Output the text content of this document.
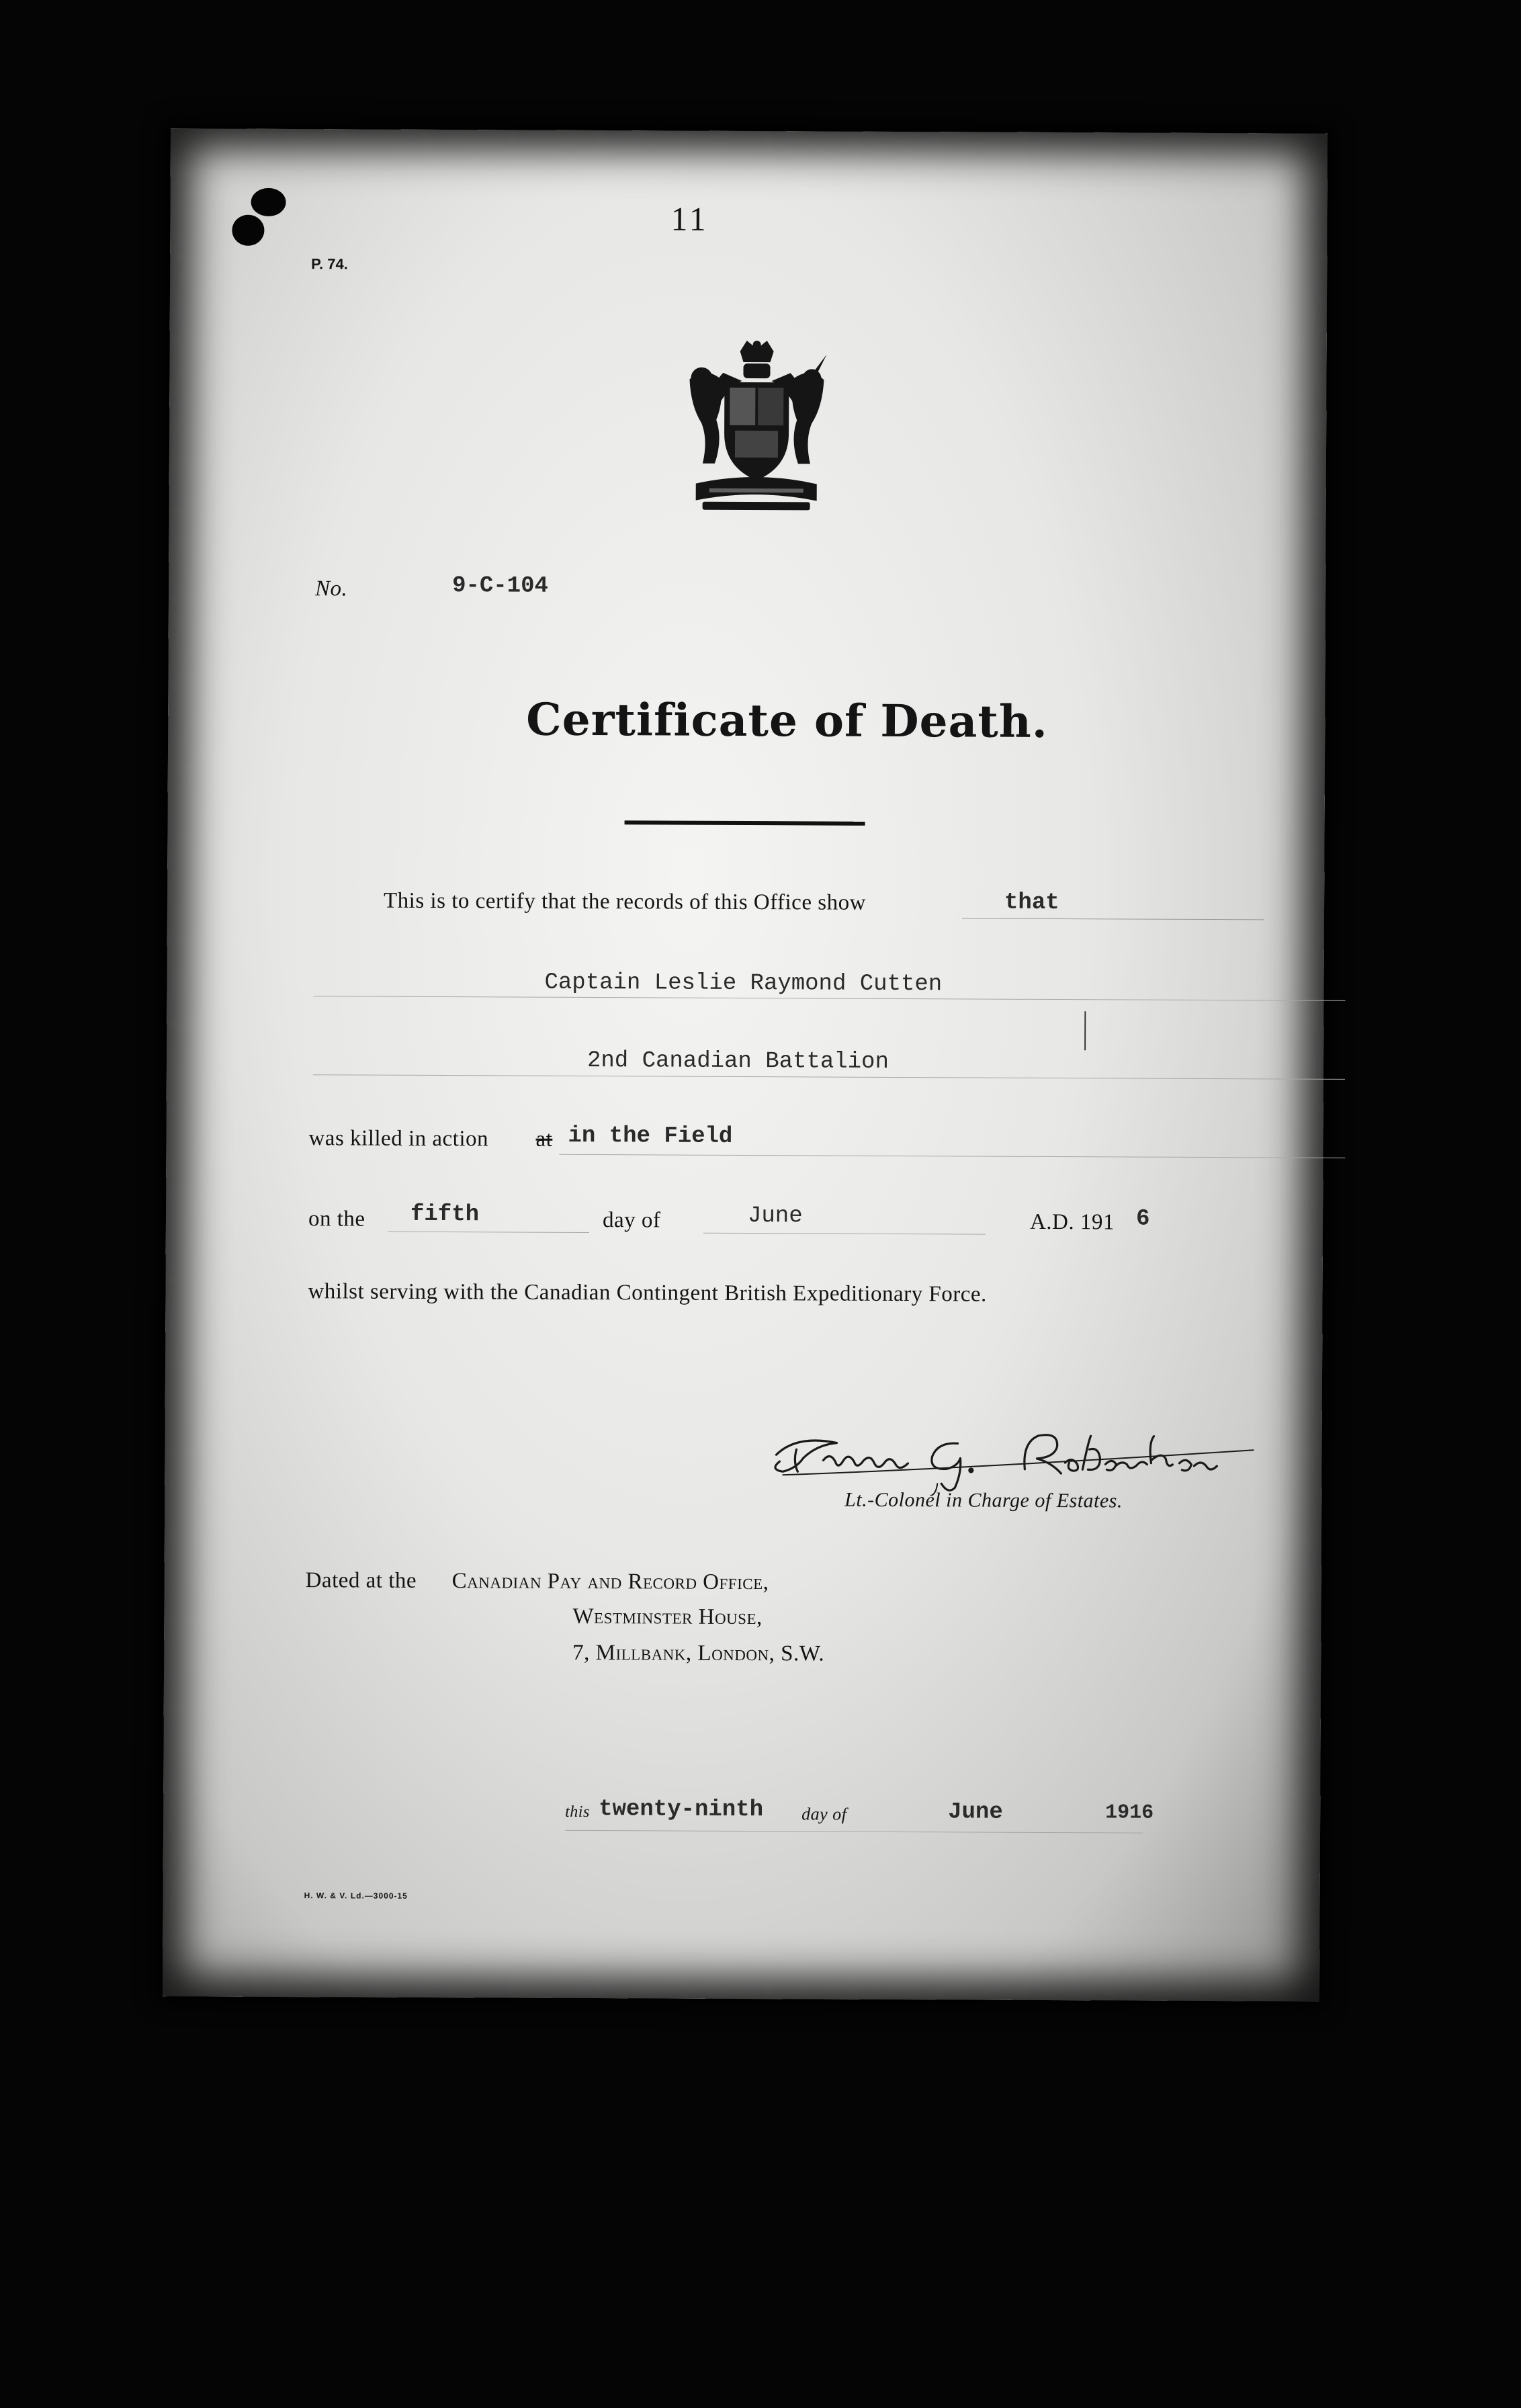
11
P. 74.
No.	9-C-104
Certificate of Death.
This is to certify that the records of this Office show	that
Captain Leslie Raymond Cutten
2nd Canadian Battalion
was killed in action at in the Field
on the fifth	day of	June	A.D. 191 6
whilst serving with the Canadian Contingent British Expeditionary Force.
Lt.-Colonel in Charge of Estates.
Dated at the Canadian Pay and Record Office,
Westminster House,
7, Millbank, London, S.W.
this twenty-ninth day of	June	1916
H. W. & V. Ld.—3000-15
